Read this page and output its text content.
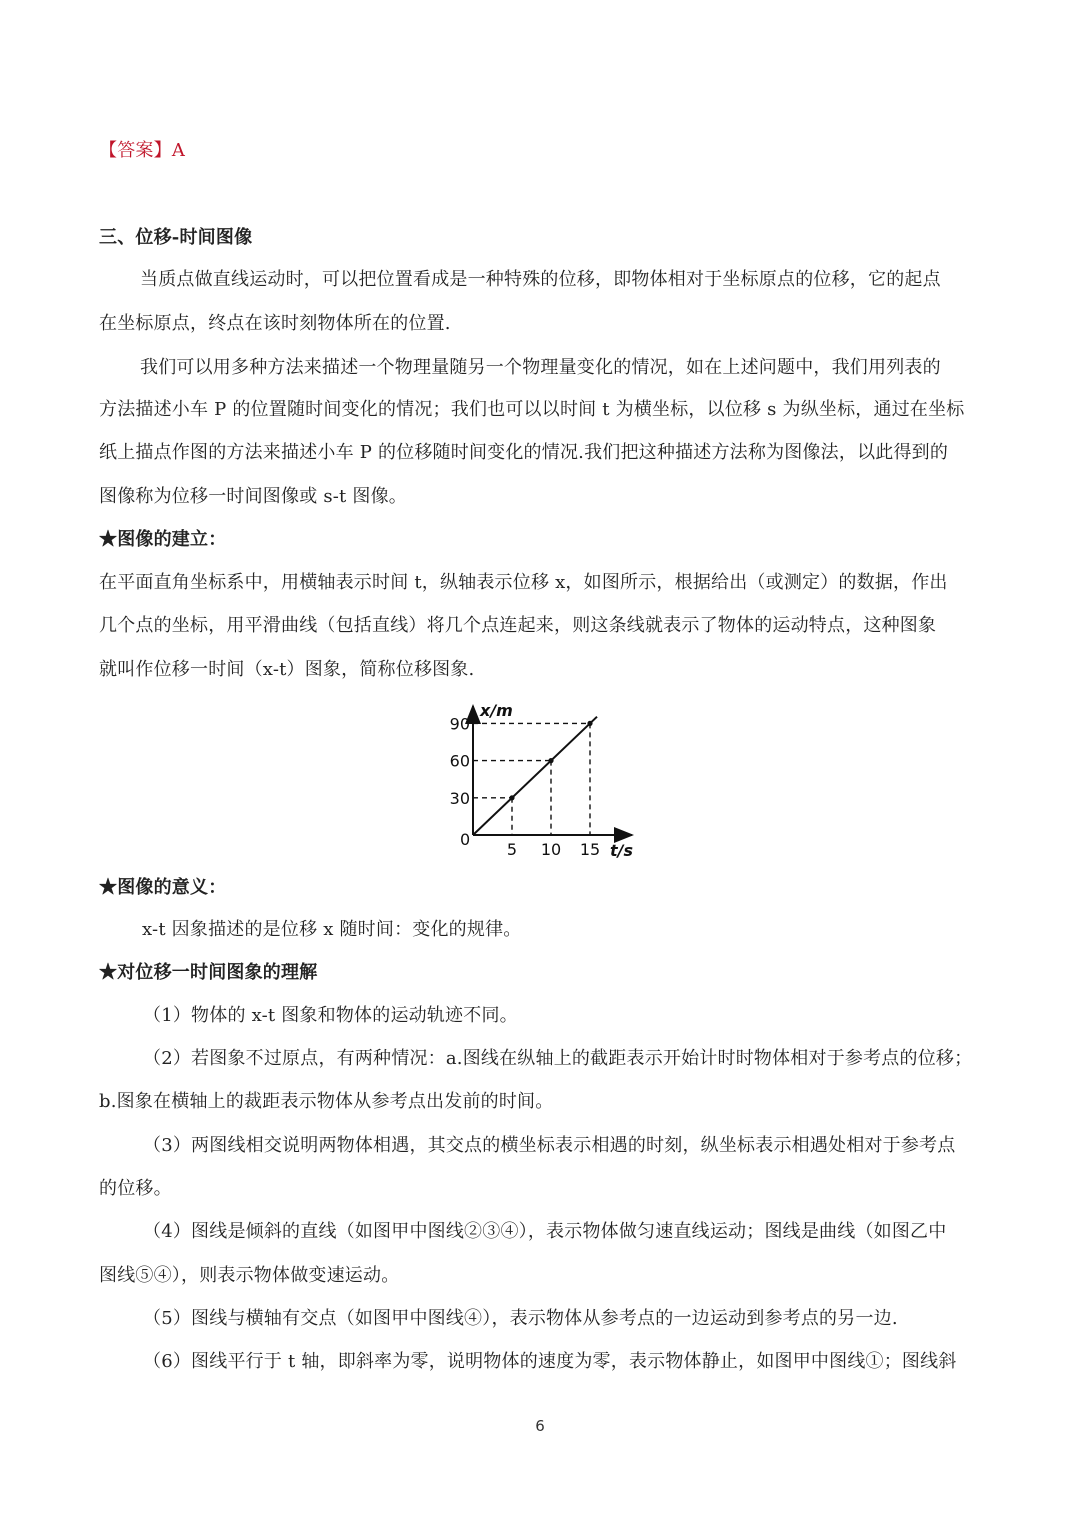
【答案】A
三、位移-时间图像
当质点做直线运动时，可以把位置看成是一种特殊的位移，即物体相对于坐标原点的位移，它的起点
在坐标原点，终点在该时刻物体所在的位置.
我们可以用多种方法来描述一个物理量随另一个物理量变化的情况，如在上述问题中，我们用列表的
方法描述小车 P 的位置随时间变化的情况；我们也可以以时间 t 为横坐标，以位移 s 为纵坐标，通过在坐标
纸上描点作图的方法来描述小车 P 的位移随时间变化的情况.我们把这种描述方法称为图像法，以此得到的
图像称为位移一时间图像或 s-t 图像。
★图像的建立：
在平面直角坐标系中，用横轴表示时间 t，纵轴表示位移 x，如图所示，根据给出（或测定）的数据，作出
几个点的坐标，用平滑曲线（包括直线）将几个点连起来，则这条线就表示了物体的运动特点，这种图象
就叫作位移一时间（x-t）图象，简称位移图象.
5 10 15
30
60
90
0
x/m
t/s
★图像的意义：
x-t 因象描述的是位移 x 随时间：变化的规律。
★对位移一时间图象的理解
（1）物体的 x-t 图象和物体的运动轨迹不同。
（2）若图象不过原点，有两种情况：a.图线在纵轴上的截距表示开始计时时物体相对于参考点的位移；
b.图象在横轴上的裁距表示物体从参考点出发前的时间。
（3）两图线相交说明两物体相遇，其交点的横坐标表示相遇的时刻，纵坐标表示相遇处相对于参考点
的位移。
（4）图线是倾斜的直线（如图甲中图线②③④），表示物体做匀速直线运动；图线是曲线（如图乙中
图线⑤④），则表示物体做变速运动。
（5）图线与横轴有交点（如图甲中图线④），表示物体从参考点的一边运动到参考点的另一边.
（6）图线平行于 t 轴，即斜率为零，说明物体的速度为零，表示物体静止，如图甲中图线①；图线斜
6
